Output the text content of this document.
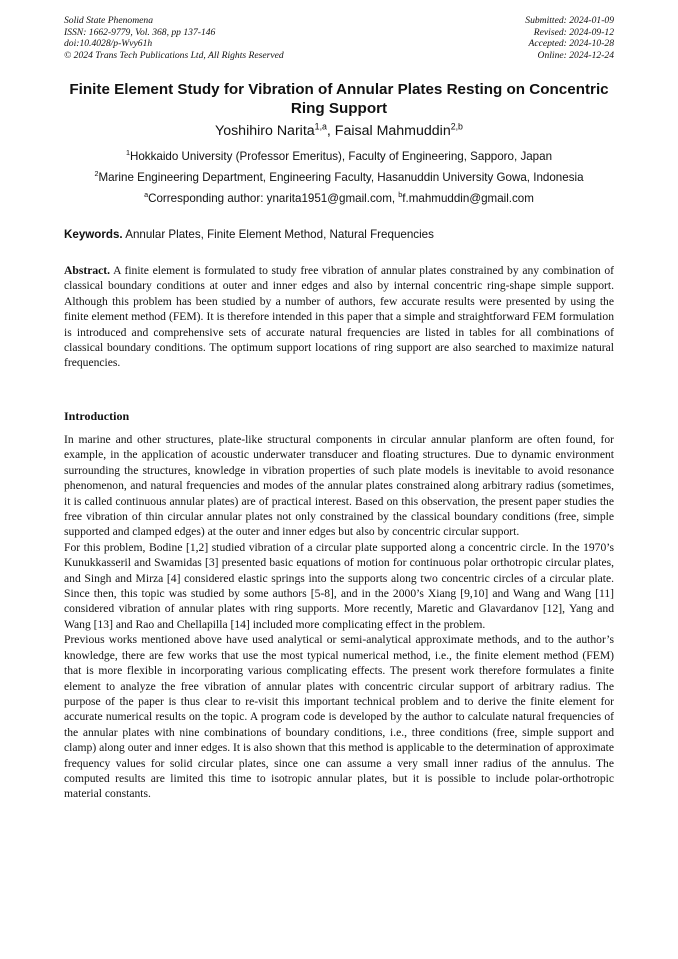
Solid State Phenomena
ISSN: 1662-9779, Vol. 368, pp 137-146
doi:10.4028/p-Wvy61h
© 2024 Trans Tech Publications Ltd, All Rights Reserved
Submitted: 2024-01-09
Revised: 2024-09-12
Accepted: 2024-10-28
Online: 2024-12-24
Finite Element Study for Vibration of Annular Plates Resting on Concentric Ring Support
Yoshihiro Narita$^{1,a}$, Faisal Mahmuddin$^{2,b}$
$^1$Hokkaido University (Professor Emeritus), Faculty of Engineering, Sapporo, Japan
$^2$Marine Engineering Department, Engineering Faculty, Hasanuddin University Gowa, Indonesia
$^a$Corresponding author: ynarita1951@gmail.com, $^b$f.mahmuddin@gmail.com
Keywords. Annular Plates, Finite Element Method, Natural Frequencies
Abstract. A finite element is formulated to study free vibration of annular plates constrained by any combination of classical boundary conditions at outer and inner edges and also by internal concentric ring-shape simple support. Although this problem has been studied by a number of authors, few accurate results were presented by using the finite element method (FEM). It is therefore intended in this paper that a simple and straightforward FEM formulation is introduced and comprehensive sets of accurate natural frequencies are listed in tables for all combinations of classical boundary conditions. The optimum support locations of ring support are also searched to maximize natural frequencies.
Introduction

In marine and other structures, plate-like structural components in circular annular planform are often found, for example, in the application of acoustic underwater transducer and floating structures. Due to dynamic environment surrounding the structures, knowledge in vibration properties of such plate models is inevitable to avoid resonance phenomenon, and natural frequencies and modes of the annular plates constrained along arbitrary radius (sometimes, it is called continuous annular plates) are of practical interest. Based on this observation, the present paper studies the free vibration of thin circular annular plates not only constrained by the classical boundary conditions (free, simple supported and clamped edges) at the outer and inner edges but also by concentric circular support.

For this problem, Bodine [1,2] studied vibration of a circular plate supported along a concentric circle. In the 1970’s Kunukkasseril and Swamidas [3] presented basic equations of motion for continuous polar orthotropic circular plates, and Singh and Mirza [4] considered elastic springs into the supports along two concentric circles of a circular plate. Since then, this topic was studied by some authors [5-8], and in the 2000’s Xiang [9,10] and Wang and Wang [11] considered vibration of annular plates with ring supports. More recently, Maretic and Glavardanov [12], Yang and Wang [13] and Rao and Chellapilla [14] included more complicating effect in the problem.

Previous works mentioned above have used analytical or semi-analytical approximate methods, and to the author’s knowledge, there are few works that use the most typical numerical method, i.e., the finite element method (FEM) that is more flexible in incorporating various complicating effects. The present work therefore formulates a finite element to analyze the free vibration of annular plates with concentric circular support of arbitrary radius. The purpose of the paper is thus clear to re-visit this important technical problem and to derive the finite element for accurate numerical results on the topic. A program code is developed by the author to calculate natural frequencies of the annular plates with nine combinations of boundary conditions, i.e., three conditions (free, simple support and clamp) along outer and inner edges. It is also shown that this method is applicable to the determination of approximate frequency values for solid circular plates, since one can assume a very small inner radius of the annulus. The computed results are limited this time to isotropic annular plates, but it is possible to include polar-orthotropic material constants.
